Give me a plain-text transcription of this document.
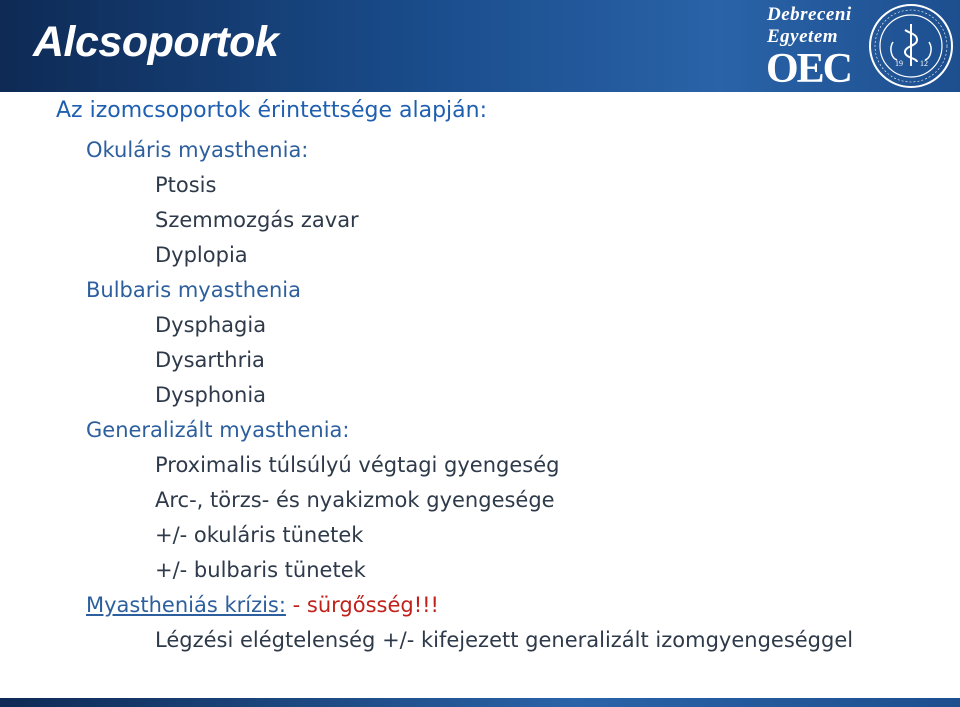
Alcsoportok
Debreceni
Egyetem
OEC	19 12
Az izomcsoportok érintettsége alapján:
Okuláris myasthenia:
Ptosis
Szemmozgás zavar
Dyplopia
Bulbaris myasthenia
Dysphagia
Dysarthria
Dysphonia
Generalizált myasthenia:
Proximalis túlsúlyú végtagi gyengeség
Arc-, törzs- és nyakizmok gyengesége
+/- okuláris tünetek
+/- bulbaris tünetek
Myastheniás krízis: - sürgősség!!!
Légzési elégtelenség +/- kifejezett generalizált izomgyengeséggel
